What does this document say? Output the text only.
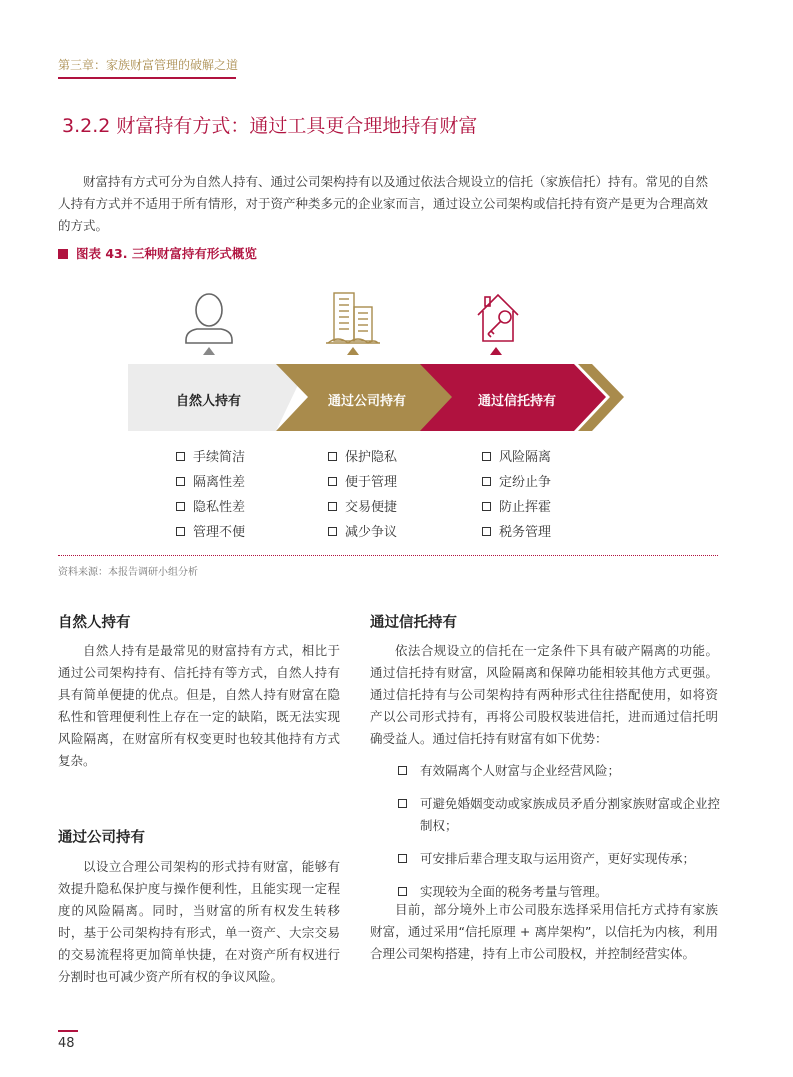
第三章：家族财富管理的破解之道
3.2.2 财富持有方式：通过工具更合理地持有财富

财富持有方式可分为自然人持有、通过公司架构持有以及通过依法合规设立的信托（家族信托）持有。常见的自然人持有方式并不适用于所有情形，对于资产种类多元的企业家而言，通过设立公司架构或信托持有资产是更为合理高效的方式。

图表 43. 三种财富持有形式概览
自然人持有	通过公司持有	通过信托持有
手续简洁
隔离性差
隐私性差
管理不便
保护隐私
便于管理
交易便捷
减少争议
风险隔离
定纷止争
防止挥霍
税务管理
资料来源：本报告调研小组分析
自然人持有

自然人持有是最常见的财富持有方式，相比于通过公司架构持有、信托持有等方式，自然人持有具有简单便捷的优点。但是，自然人持有财富在隐私性和管理便利性上存在一定的缺陷，既无法实现风险隔离，在财富所有权变更时也较其他持有方式复杂。

通过公司持有

以设立合理公司架构的形式持有财富，能够有效提升隐私保护度与操作便利性，且能实现一定程度的风险隔离。同时，当财富的所有权发生转移时，基于公司架构持有形式，单一资产、大宗交易的交易流程将更加简单快捷，在对资产所有权进行分割时也可减少资产所有权的争议风险。

通过信托持有

依法合规设立的信托在一定条件下具有破产隔离的功能。通过信托持有财富，风险隔离和保障功能相较其他方式更强。通过信托持有与公司架构持有两种形式往往搭配使用，如将资产以公司形式持有，再将公司股权装进信托，进而通过信托明确受益人。通过信托持有财富有如下优势：

有效隔离个人财富与企业经营风险；
可避免婚姻变动或家族成员矛盾分割家族财富或企业控制权；
可安排后辈合理支取与运用资产，更好实现传承；
实现较为全面的税务考量与管理。

目前，部分境外上市公司股东选择采用信托方式持有家族财富，通过采用“信托原理 + 离岸架构”，以信托为内核，利用合理公司架构搭建，持有上市公司股权，并控制经营实体。

48
